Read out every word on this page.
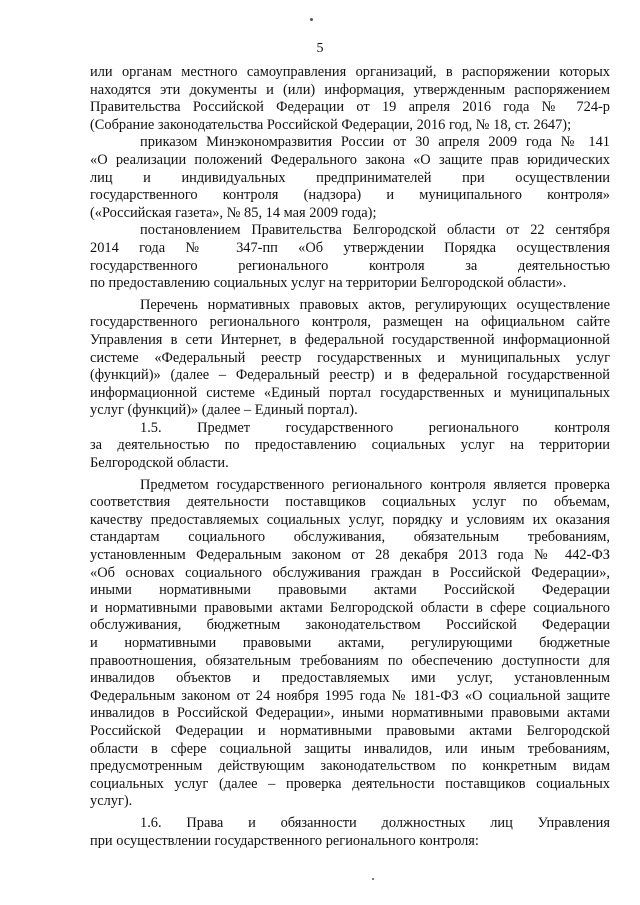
5
или органам местного самоуправления организаций, в распоряжении которых
находятся эти документы и (или) информация, утвержденным распоряжением
Правительства Российской Федерации от 19 апреля 2016 года № 724-р
(Собрание законодательства Российской Федерации, 2016 год, № 18, ст. 2647);
приказом Минэкономразвития России от 30 апреля 2009 года № 141
«О реализации положений Федерального закона «О защите прав юридических
лиц и индивидуальных предпринимателей при осуществлении
государственного контроля (надзора) и муниципального контроля»
(«Российская газета», № 85, 14 мая 2009 года);
постановлением Правительства Белгородской области от 22 сентября
2014 года № 347-пп «Об утверждении Порядка осуществления
государственного регионального контроля за деятельностью
по предоставлению социальных услуг на территории Белгородской области».
Перечень нормативных правовых актов, регулирующих осуществление
государственного регионального контроля, размещен на официальном сайте
Управления в сети Интернет, в федеральной государственной информационной
системе «Федеральный реестр государственных и муниципальных услуг
(функций)» (далее – Федеральный реестр) и в федеральной государственной
информационной системе «Единый портал государственных и муниципальных
услуг (функций)» (далее – Единый портал).
1.5. Предмет государственного регионального контроля
за деятельностью по предоставлению социальных услуг на территории
Белгородской области.
Предметом государственного регионального контроля является проверка
соответствия деятельности поставщиков социальных услуг по объемам,
качеству предоставляемых социальных услуг, порядку и условиям их оказания
стандартам социального обслуживания, обязательным требованиям,
установленным Федеральным законом от 28 декабря 2013 года № 442-ФЗ
«Об основах социального обслуживания граждан в Российской Федерации»,
иными нормативными правовыми актами Российской Федерации
и нормативными правовыми актами Белгородской области в сфере социального
обслуживания, бюджетным законодательством Российской Федерации
и нормативными правовыми актами, регулирующими бюджетные
правоотношения, обязательным требованиям по обеспечению доступности для
инвалидов объектов и предоставляемых ими услуг, установленным
Федеральным законом от 24 ноября 1995 года № 181-ФЗ «О социальной защите
инвалидов в Российской Федерации», иными нормативными правовыми актами
Российской Федерации и нормативными правовыми актами Белгородской
области в сфере социальной защиты инвалидов, или иным требованиям,
предусмотренным действующим законодательством по конкретным видам
социальных услуг (далее – проверка деятельности поставщиков социальных
услуг).
1.6. Права и обязанности должностных лиц Управления
при осуществлении государственного регионального контроля:
